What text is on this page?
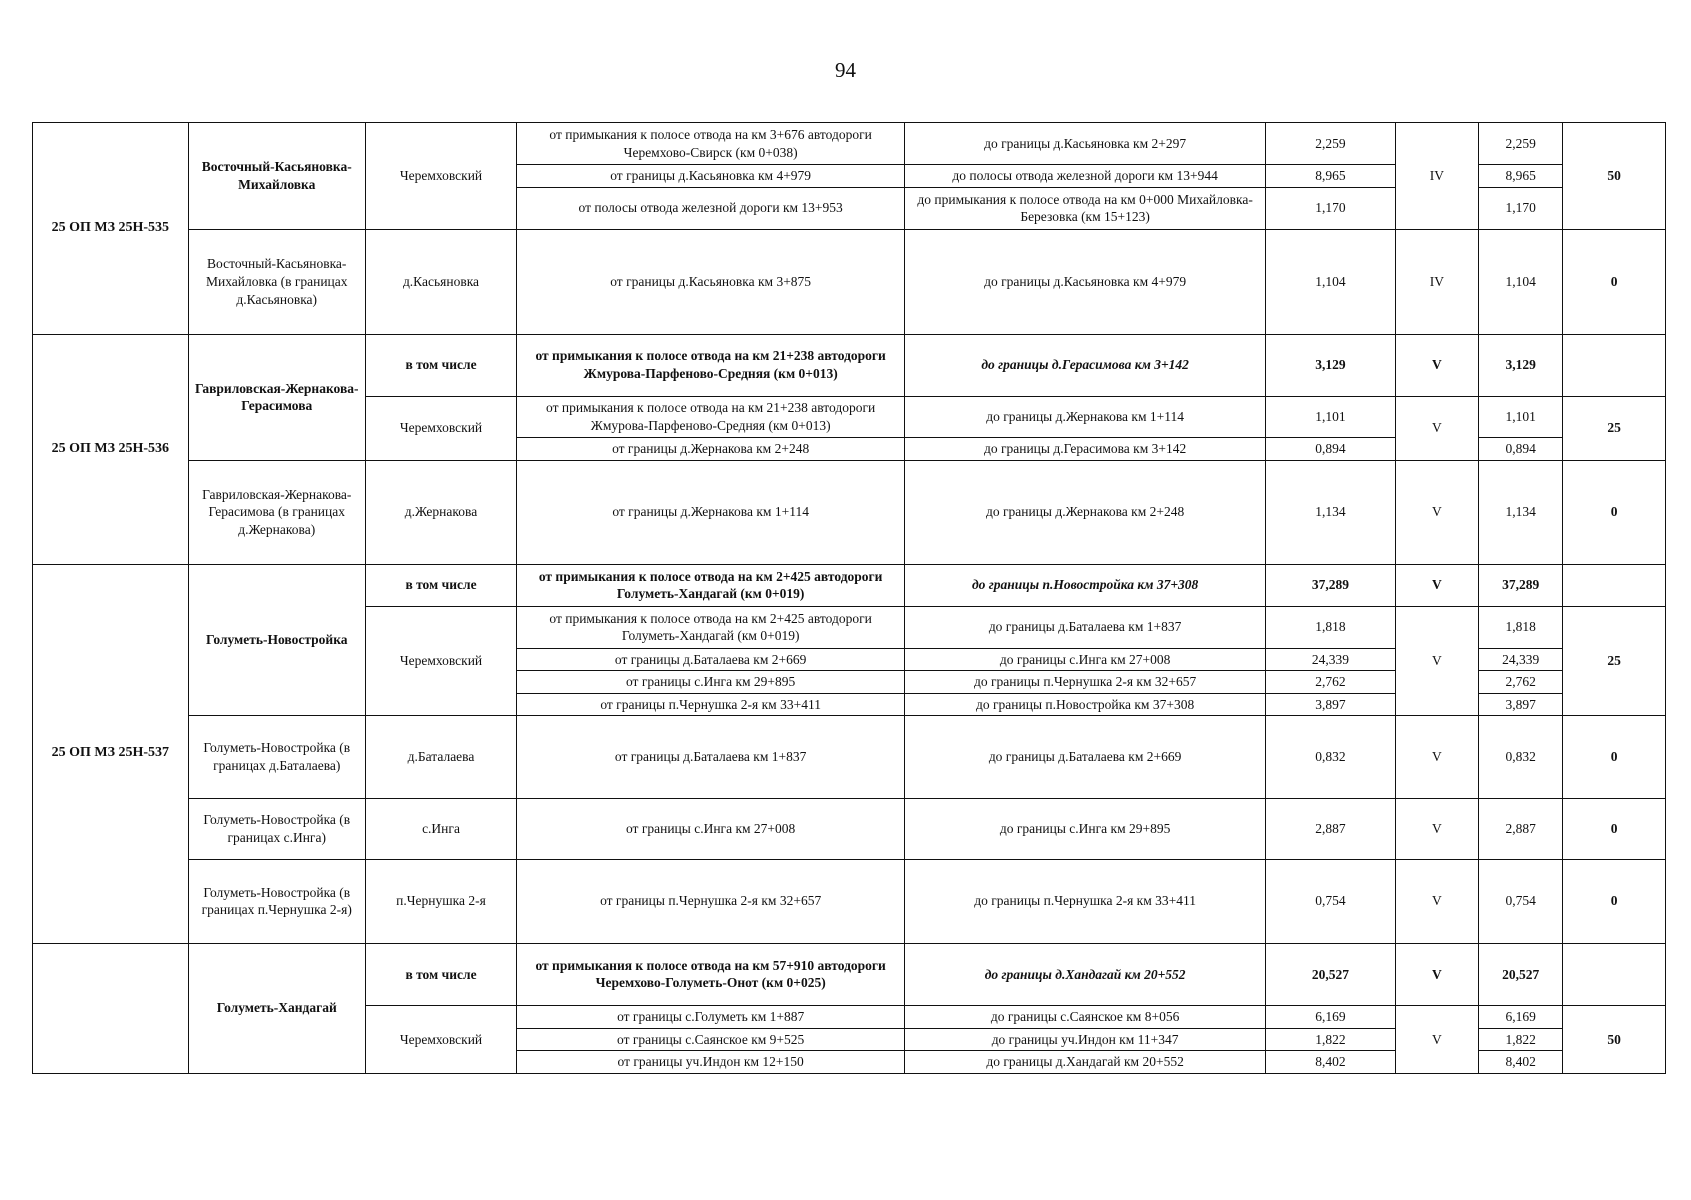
94
25 ОП МЗ 25Н-535	Восточный-Касьяновка-Михайловка	Черемховский	от примыкания к полосе отвода на км 3+676 автодороги Черемхово-Свирск (км 0+038)	до границы д.Касьяновка км 2+297	2,259	IV	2,259	50
			от границы д.Касьяновка км 4+979	до полосы отвода железной дороги км 13+944	8,965		8,965	
			от полосы отвода железной дороги км 13+953	до примыкания к полосе отвода на км 0+000 Михайловка-Березовка (км 15+123)	1,170		1,170	
	Восточный-Касьяновка-Михайловка (в границах д.Касьяновка)	д.Касьяновка	от границы д.Касьяновка км 3+875	до границы д.Касьяновка км 4+979	1,104	IV	1,104	0
25 ОП МЗ 25Н-536	Гавриловская-Жернакова-Герасимова	в том числе	от примыкания к полосе отвода на км 21+238 автодороги Жмурова-Парфеново-Средняя (км 0+013)	до границы д.Герасимова км 3+142	3,129	V	3,129	
		Черемховский	от примыкания к полосе отвода на км 21+238 автодороги Жмурова-Парфеново-Средняя (км 0+013)	до границы д.Жернакова км 1+114	1,101	V	1,101	25
			от границы д.Жернакова км 2+248	до границы д.Герасимова км 3+142	0,894		0,894	
	Гавриловская-Жернакова-Герасимова (в границах д.Жернакова)	д.Жернакова	от границы д.Жернакова км 1+114	до границы д.Жернакова км 2+248	1,134	V	1,134	0
25 ОП МЗ 25Н-537	Голуметь-Новостройка	в том числе	от примыкания к полосе отвода на км 2+425 автодороги Голуметь-Хандагай (км 0+019)	до границы п.Новостройка км 37+308	37,289	V	37,289	
		Черемховский	от примыкания к полосе отвода на км 2+425 автодороги Голуметь-Хандагай (км 0+019)	до границы д.Баталаева км 1+837	1,818	V	1,818	25
			от границы д.Баталаева км 2+669	до границы с.Инга км 27+008	24,339		24,339	
			от границы с.Инга км 29+895	до границы п.Чернушка 2-я км 32+657	2,762		2,762	
			от границы п.Чернушка 2-я км 33+411	до границы п.Новостройка км 37+308	3,897		3,897	
	Голуметь-Новостройка (в границах д.Баталаева)	д.Баталаева	от границы д.Баталаева км 1+837	до границы д.Баталаева км 2+669	0,832	V	0,832	0
	Голуметь-Новостройка (в границах с.Инга)	с.Инга	от границы с.Инга км 27+008	до границы с.Инга км 29+895	2,887	V	2,887	0
	Голуметь-Новостройка (в границах п.Чернушка 2-я)	п.Чернушка 2-я	от границы п.Чернушка 2-я км 32+657	до границы п.Чернушка 2-я км 33+411	0,754	V	0,754	0
	Голуметь-Хандагай	в том числе	от примыкания к полосе отвода на км 57+910 автодороги Черемхово-Голуметь-Онот (км 0+025)	до границы д.Хандагай км 20+552	20,527	V	20,527	
		Черемховский	от границы с.Голуметь км 1+887	до границы с.Саянское км 8+056	6,169	V	6,169	50
			от границы с.Саянское км 9+525	до границы уч.Индон км 11+347	1,822		1,822	
			от границы уч.Индон км 12+150	до границы д.Хандагай км 20+552	8,402		8,402	
